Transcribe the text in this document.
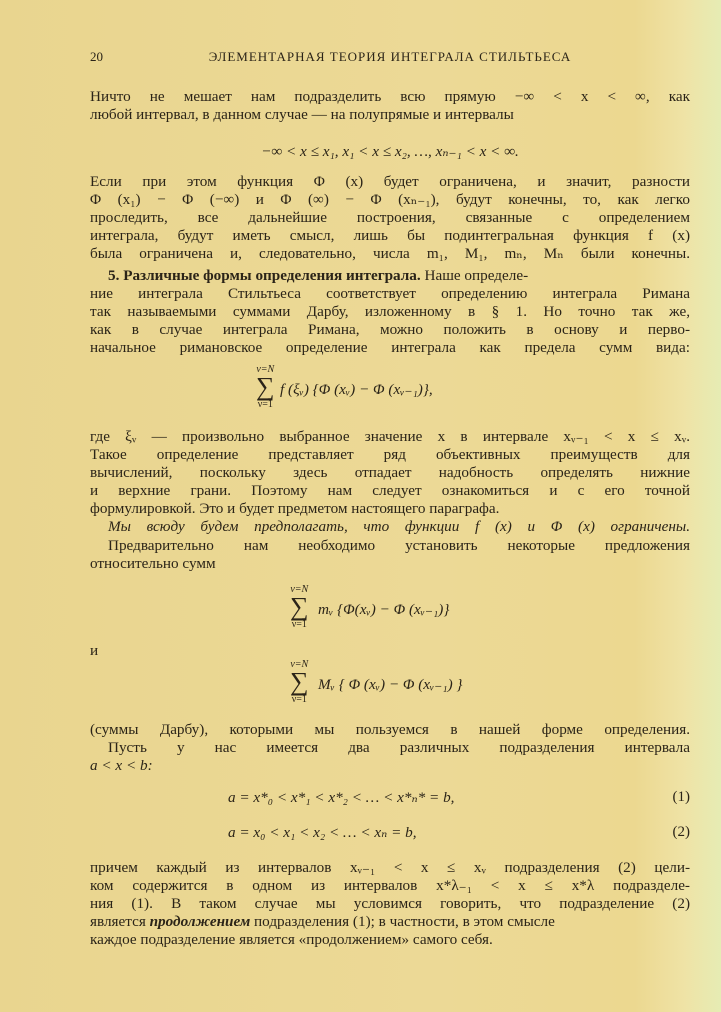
20	ЭЛЕМЕНТАРНАЯ ТЕОРИЯ ИНТЕГРАЛА СТИЛЬТЬЕСА
Ничто не мешает нам подразделить всю прямую −∞ < x < ∞, как
любой интервал, в данном случае — на полупрямые и интервалы
−∞ < x ≤ x₁, x₁ < x ≤ x₂, …, xₙ₋₁ < x < ∞.
Если при этом функция Φ (x) будет ограничена, и значит, разности
Φ (x₁) − Φ (−∞) и Φ (∞) − Φ (xₙ₋₁), будут конечны, то, как легко
проследить, все дальнейшие построения, связанные с определением
интеграла, будут иметь смысл, лишь бы подинтегральная функция f (x)
была ограничена и, следовательно, числа m₁, M₁, mₙ, Mₙ были конечны.
5. Различные формы определения интеграла. Наше определе-
ние интеграла Стильтьеса соответствует определению интеграла Римана
так называемыми суммами Дарбу, изложенному в § 1. Но точно так же,
как в случае интеграла Римана, можно положить в основу и перво-
начальное римановское определение интеграла как предела сумм вида:
ν=N
∑
ν=1
f (ξᵥ) {Φ (xᵥ) − Φ (xᵥ₋₁)},
где ξᵥ — произвольно выбранное значение x в интервале xᵥ₋₁ < x ≤ xᵥ.
Такое определение представляет ряд объективных преимуществ для
вычислений, поскольку здесь отпадает надобность определять нижние
и верхние грани. Поэтому нам следует ознакомиться и с его точной
формулировкой. Это и будет предметом настоящего параграфа.
Мы всюду будем предполагать, что функции f (x) и Φ (x) ограничены.
Предварительно нам необходимо установить некоторые предложения
относительно сумм
ν=N
∑
ν=1
mᵥ {Φ(xᵥ) − Φ (xᵥ₋₁)}
и
ν=N
∑
ν=1
Mᵥ { Φ (xᵥ) − Φ (xᵥ₋₁) }
(суммы Дарбу), которыми мы пользуемся в нашей форме определения.
Пусть у нас имеется два различных подразделения интервала
a < x < b:
a = x*₀ < x*₁ < x*₂ < … < x*ₙ* = b,	(1)
a = x₀ < x₁ < x₂ < … < xₙ = b,	(2)
причем каждый из интервалов xᵥ₋₁ < x ≤ xᵥ подразделения (2) цели-
ком содержится в одном из интервалов x*λ₋₁ < x ≤ x*λ подразделе-
ния (1). В таком случае мы условимся говорить, что подразделение (2)
является продолжением подразделения (1); в частности, в этом смысле
каждое подразделение является «продолжением» самого себя.
